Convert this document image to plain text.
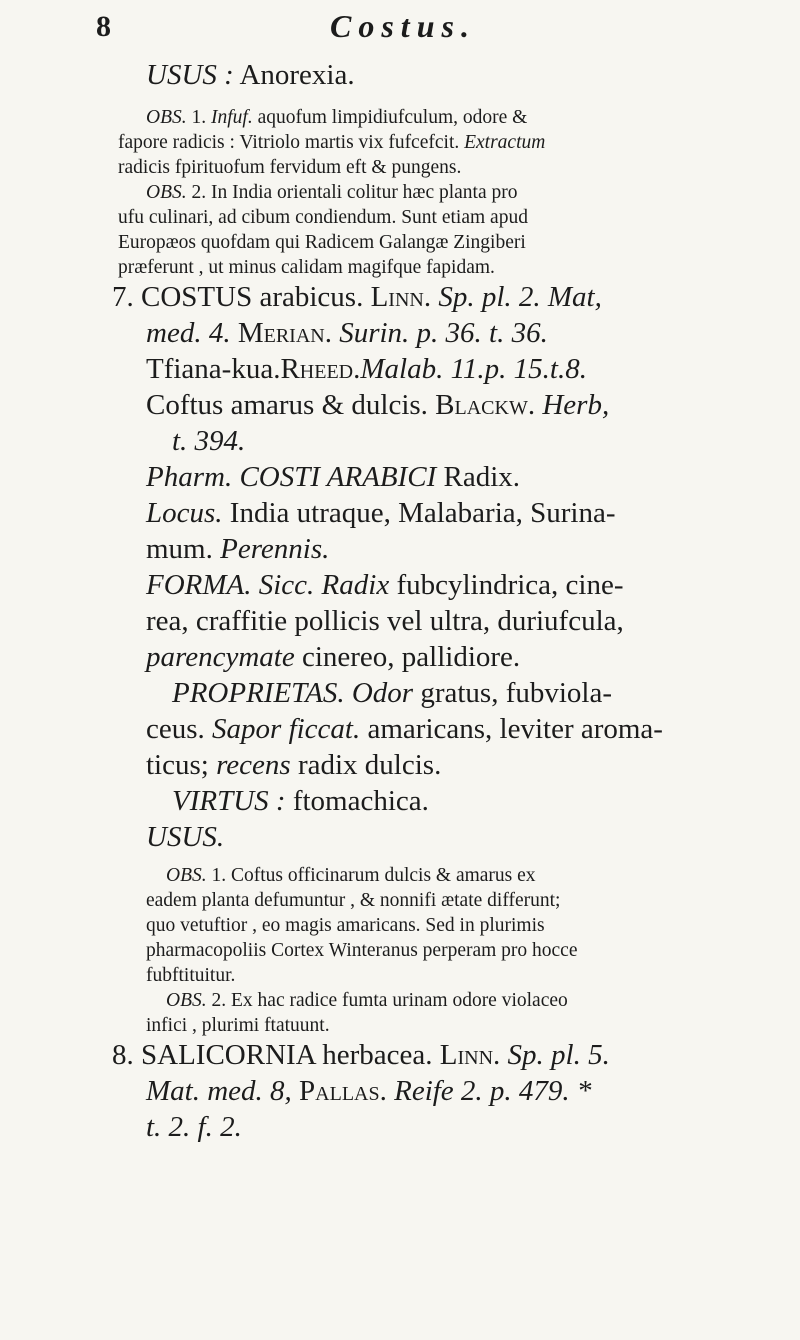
8	Costus.
USUS : Anorexia.
OBS. 1. Infuf. aquofum limpidiufculum, odore &
fapore radicis : Vitriolo martis vix fufcefcit. Extractum
radicis fpirituofum fervidum eft & pungens.
OBS. 2. In India orientali colitur hæc planta pro
ufu culinari, ad cibum condiendum. Sunt etiam apud
Europæos quofdam qui Radicem Galangæ Zingiberi
præferunt , ut minus calidam magifque fapidam.
7. COSTUS arabicus. Linn. Sp. pl. 2. Mat,
med. 4. Merian. Surin. p. 36. t. 36.
Tfiana-kua.Rheed.Malab. 11.p. 15.t.8.
Coftus amarus & dulcis. Blackw. Herb,
t. 394.
Pharm. COSTI ARABICI Radix.
Locus. India utraque, Malabaria, Surina-
mum. Perennis.
FORMA. Sicc. Radix fubcylindrica, cine-
rea, craffitie pollicis vel ultra, duriufcula,
parencymate cinereo, pallidiore.
PROPRIETAS. Odor gratus, fubviola-
ceus. Sapor ficcat. amaricans, leviter aroma-
ticus; recens radix dulcis.
VIRTUS : ftomachica.
USUS.
OBS. 1. Coftus officinarum dulcis & amarus ex
eadem planta defumuntur , & nonnifi ætate differunt;
quo vetuftior , eo magis amaricans. Sed in plurimis
pharmacopoliis Cortex Winteranus perperam pro hocce
fubftituitur.
OBS. 2. Ex hac radice fumta urinam odore violaceo
infici , plurimi ftatuunt.
8. SALICORNIA herbacea. Linn. Sp. pl. 5.
Mat. med. 8, Pallas. Reife 2. p. 479. *
t. 2. f. 2.
